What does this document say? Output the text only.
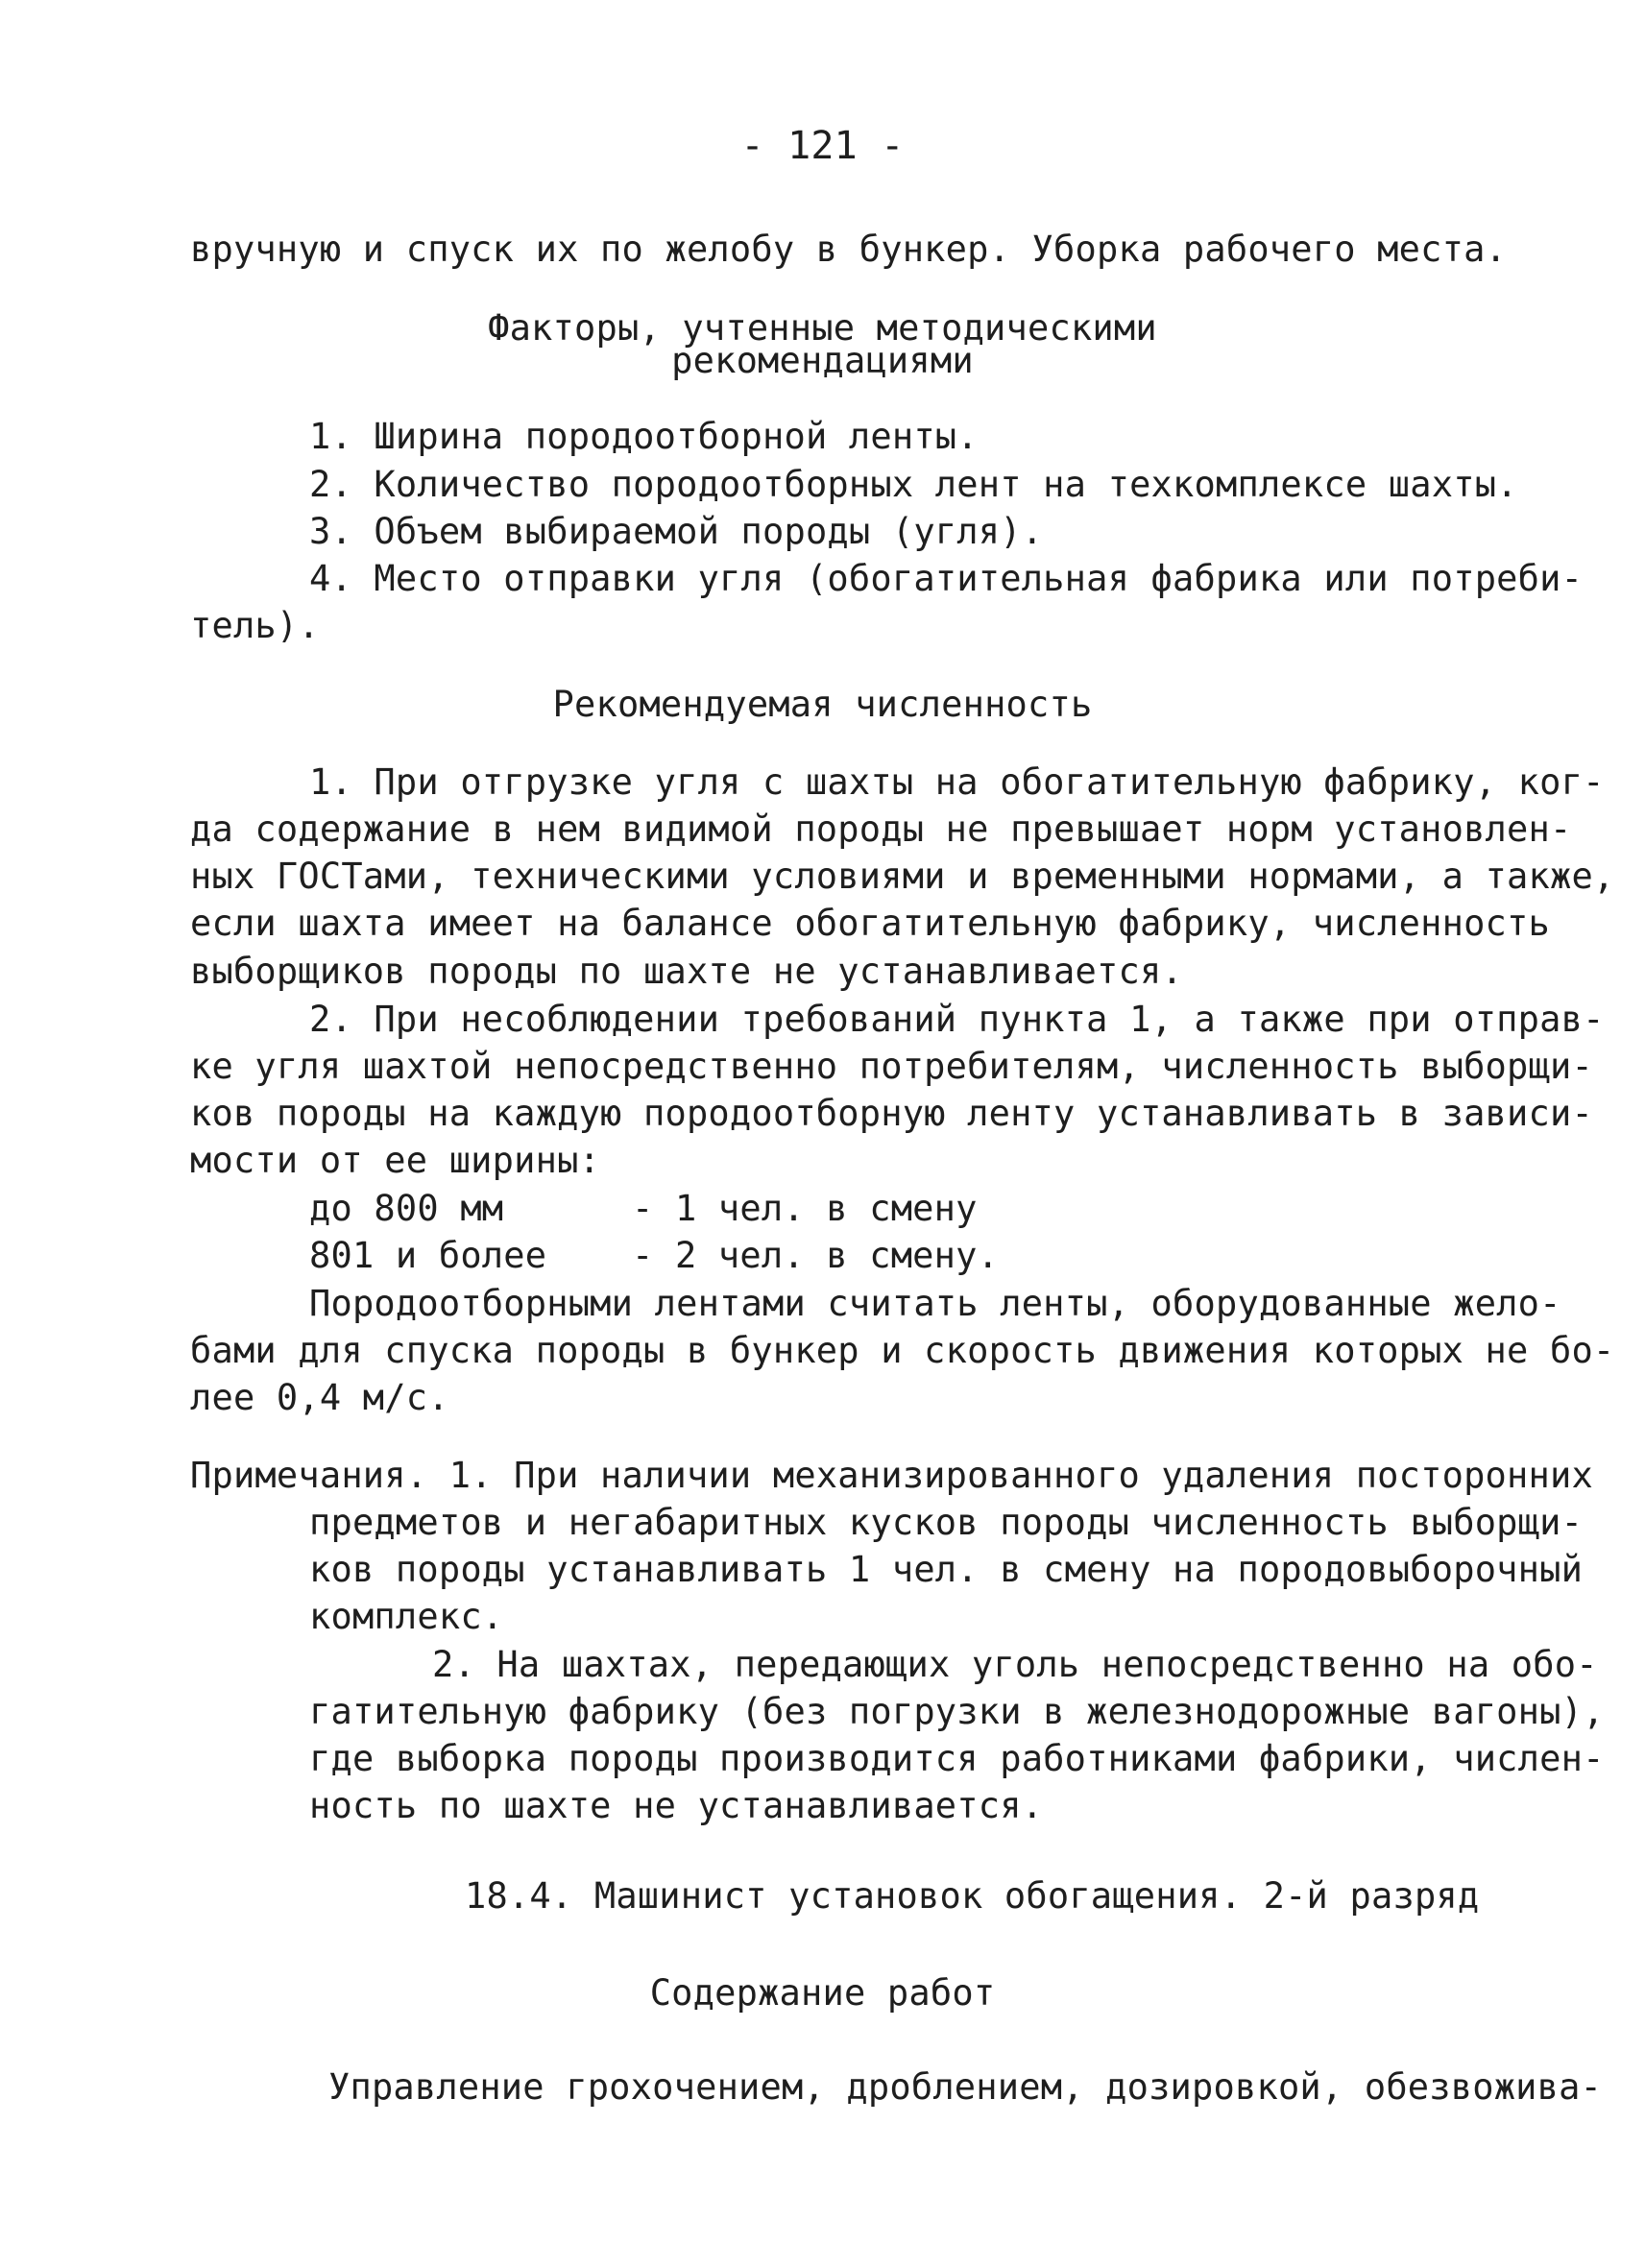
- 121 -
вручную и спуск их по желобу в бункер. Уборка рабочего места.
Факторы, учтенные методическими
рекомендациями
1. Ширина породоотборной ленты.
2. Количество породоотборных лент на техкомплексе шахты.
3. Объем выбираемой породы (угля).
4. Место отправки угля (обогатительная фабрика или потреби-
тель).
Рекомендуемая численность
1. При отгрузке угля с шахты на обогатительную фабрику, ког-
да содержание в нем видимой породы не превышает норм установлен-
ных ГОСТами, техническими условиями и временными нормами, а также,
если шахта имеет на балансе обогатительную фабрику, численность
выборщиков породы по шахте не устанавливается.
2. При несоблюдении требований пункта 1, а также при отправ-
ке угля шахтой непосредственно потребителям, численность выборщи-
ков породы на каждую породоотборную ленту устанавливать в зависи-
мости от ее ширины:
до 800 мм	- 1 чел. в смену
801 и более - 2 чел. в смену.
Породоотборными лентами считать ленты, оборудованные жело-
бами для спуска породы в бункер и скорость движения которых не бо-
лее 0,4 м/с.
Примечания. 1. При наличии механизированного удаления посторонних
предметов и негабаритных кусков породы численность выборщи-
ков породы устанавливать 1 чел. в смену на породовыборочный
комплекс.
2. На шахтах, передающих уголь непосредственно на обо-
гатительную фабрику (без погрузки в железнодорожные вагоны),
где выборка породы производится работниками фабрики, числен-
ность по шахте не устанавливается.
18.4. Машинист установок обогащения. 2-й разряд
Содержание работ
Управление грохочением, дроблением, дозировкой, обезвожива-
